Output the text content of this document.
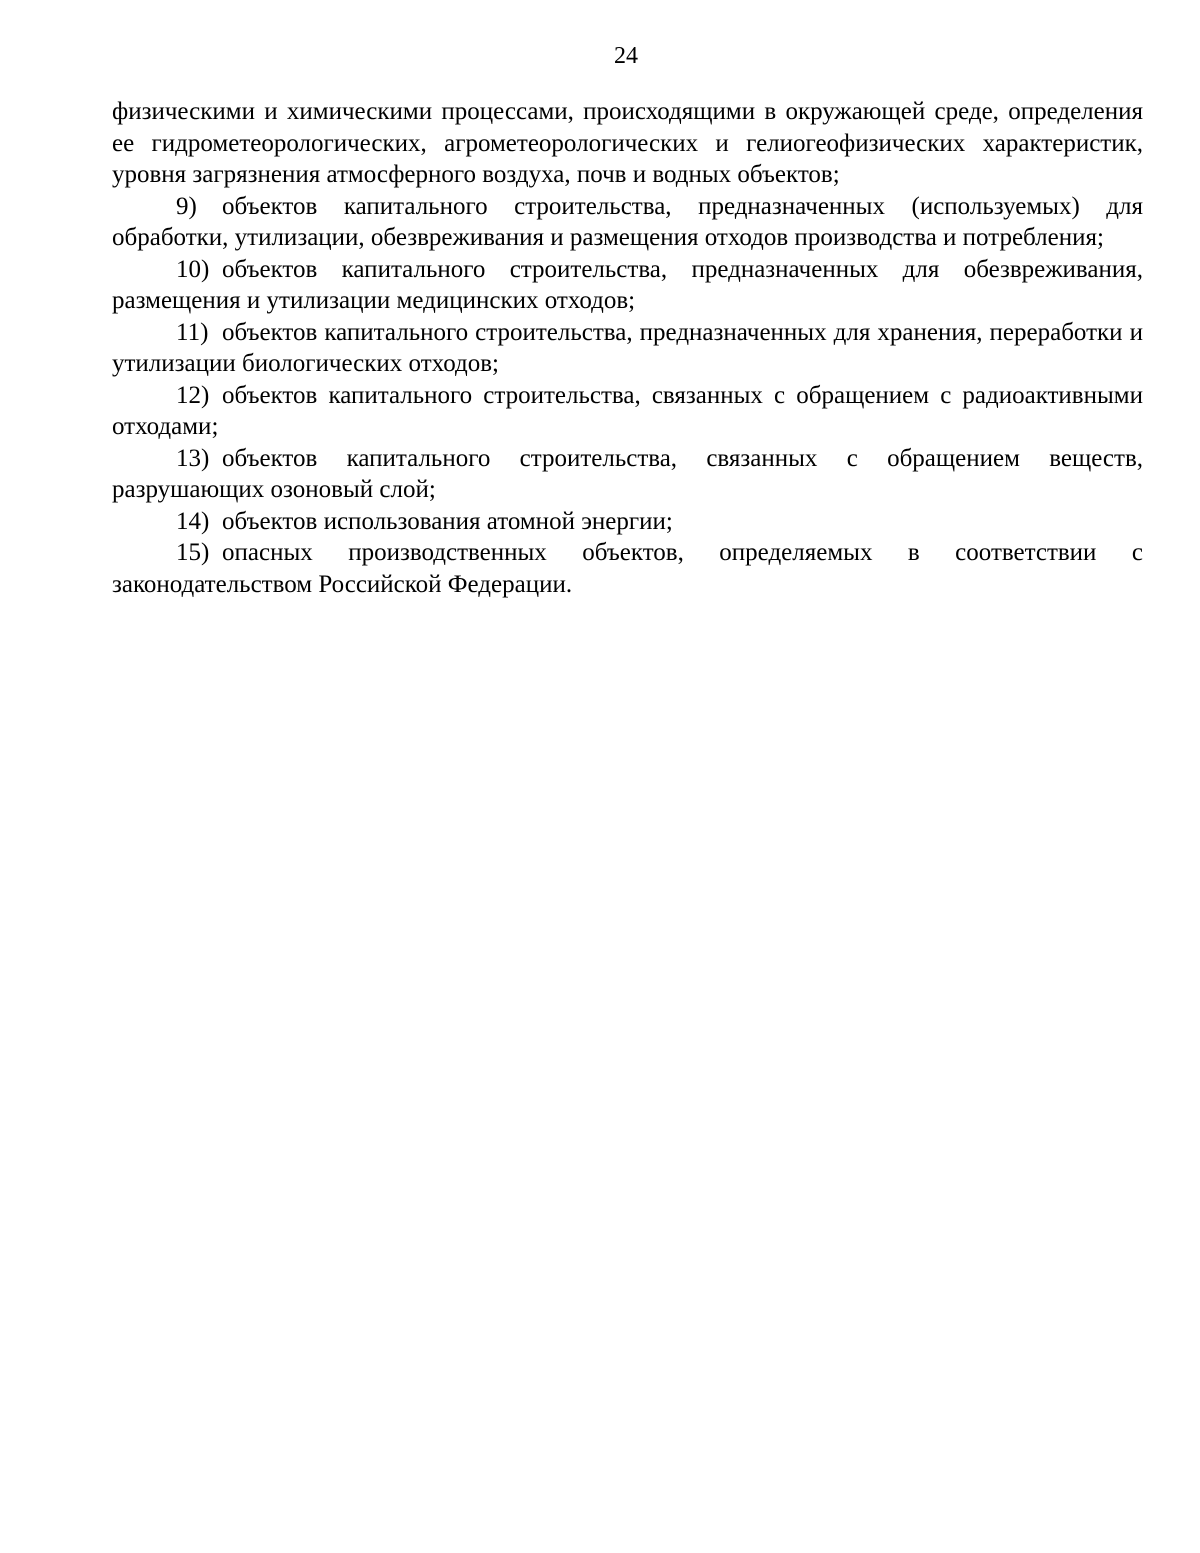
24

физическими и химическими процессами, происходящими в окружающей среде, определения ее гидрометеорологических, агрометеорологических и гелиогеофизических характеристик, уровня загрязнения атмосферного воздуха, почв и водных объектов;

9) объектов капитального строительства, предназначенных (используемых) для обработки, утилизации, обезвреживания и размещения отходов производства и потребления;

10) объектов капитального строительства, предназначенных для обезвреживания, размещения и утилизации медицинских отходов;

11) объектов капитального строительства, предназначенных для хранения, переработки и утилизации биологических отходов;

12) объектов капитального строительства, связанных с обращением с радиоактивными отходами;

13) объектов капитального строительства, связанных с обращением веществ, разрушающих озоновый слой;

14) объектов использования атомной энергии;

15) опасных производственных объектов, определяемых в соответствии с законодательством Российской Федерации.
